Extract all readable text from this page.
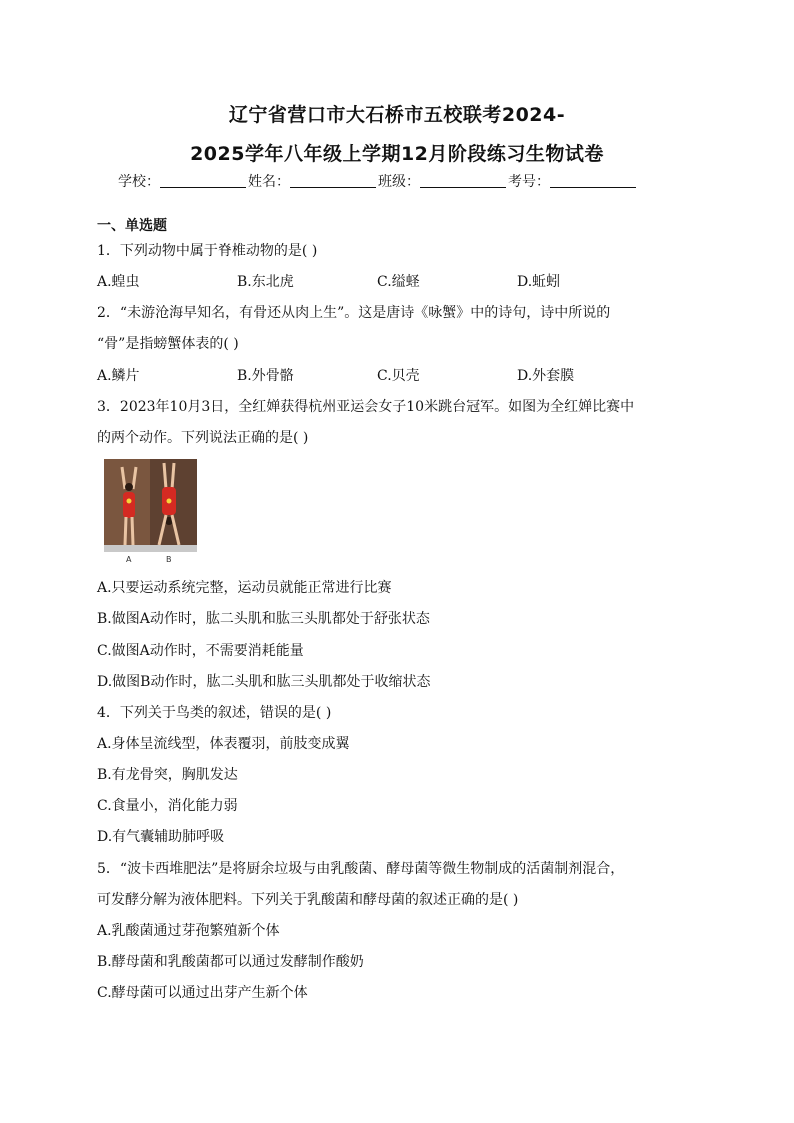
辽宁省营口市大石桥市五校联考2024-
2025学年八年级上学期12月阶段练习生物试卷
学校：	姓名：	班级：	考号：
一、单选题
1．下列动物中属于脊椎动物的是( )
A.蝗虫	B.东北虎	C.缢蛏	D.蚯蚓
2．“未游沧海早知名，有骨还从肉上生”。这是唐诗《咏蟹》中的诗句，诗中所说的
“骨”是指螃蟹体表的( )
A.鳞片	B.外骨骼	C.贝壳	D.外套膜
3．2023年10月3日，全红婵获得杭州亚运会女子10米跳台冠军。如图为全红婵比赛中
的两个动作。下列说法正确的是( )
A	B
A.只要运动系统完整，运动员就能正常进行比赛
B.做图A动作时，肱二头肌和肱三头肌都处于舒张状态
C.做图A动作时，不需要消耗能量
D.做图B动作时，肱二头肌和肱三头肌都处于收缩状态
4．下列关于鸟类的叙述，错误的是( )
A.身体呈流线型，体表覆羽，前肢变成翼
B.有龙骨突，胸肌发达
C.食量小，消化能力弱
D.有气囊辅助肺呼吸
5．“波卡西堆肥法”是将厨余垃圾与由乳酸菌、酵母菌等微生物制成的活菌制剂混合，
可发酵分解为液体肥料。下列关于乳酸菌和酵母菌的叙述正确的是( )
A.乳酸菌通过芽孢繁殖新个体
B.酵母菌和乳酸菌都可以通过发酵制作酸奶
C.酵母菌可以通过出芽产生新个体
